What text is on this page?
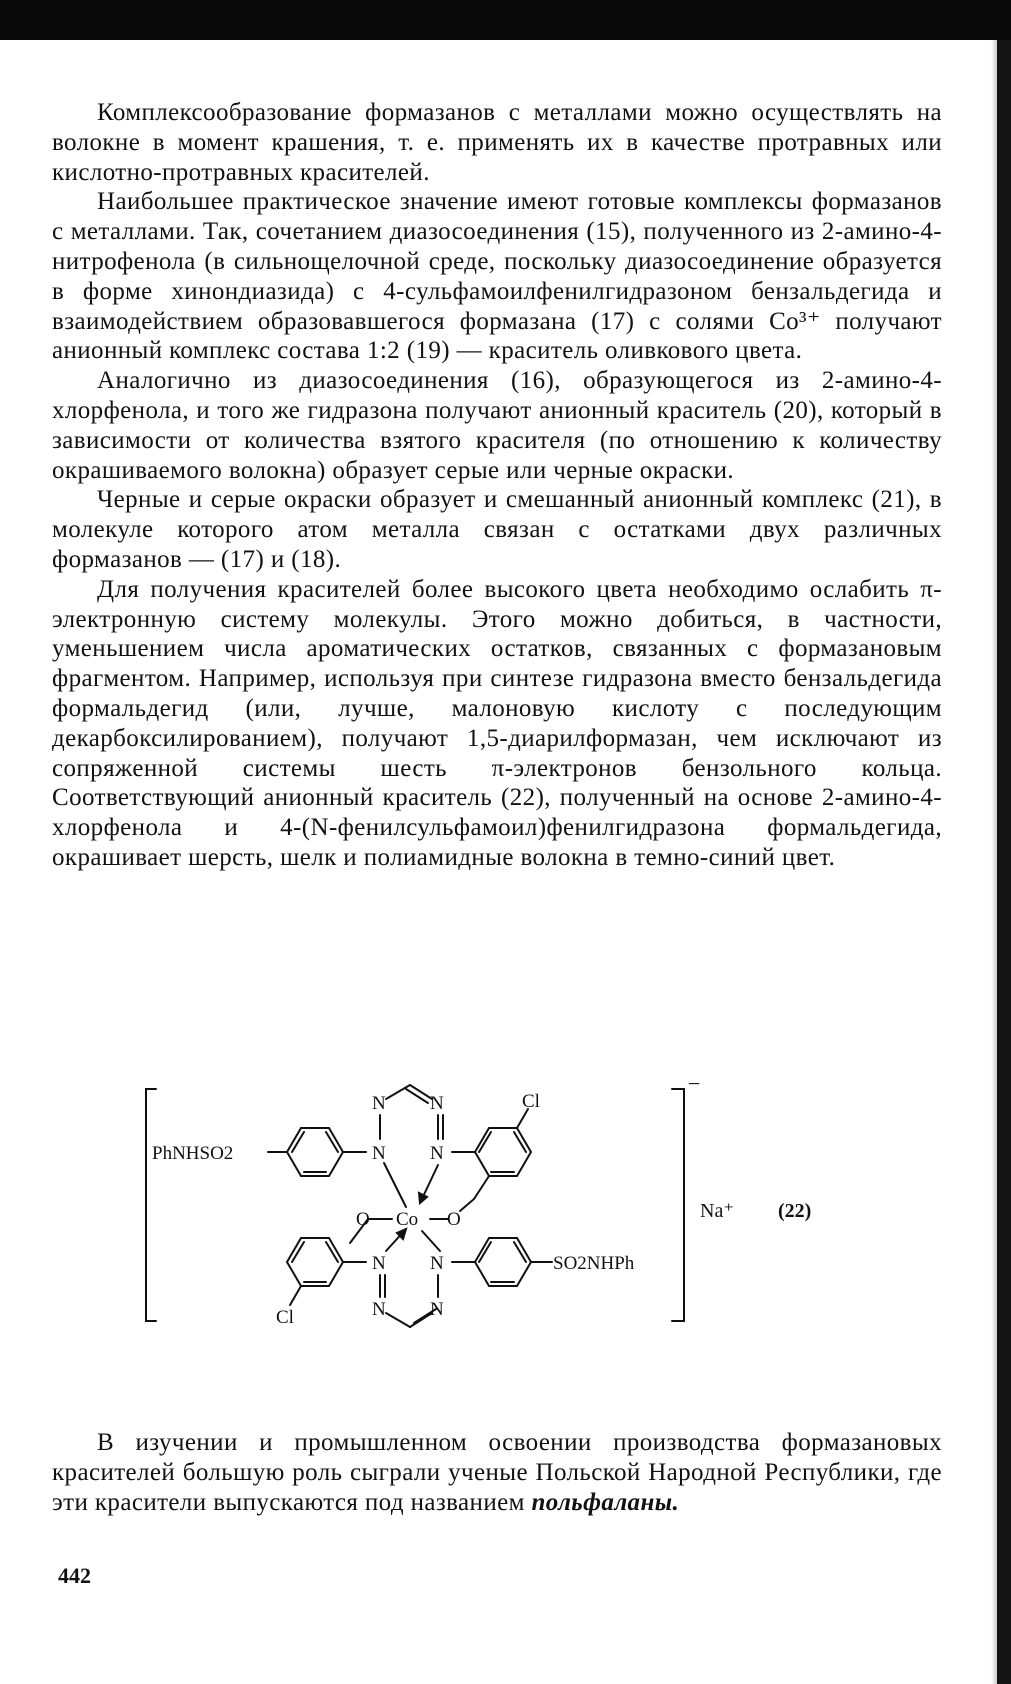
Комплексообразование формазанов с металлами можно осуществлять на волокне в момент крашения, т. е. применять их в качестве протравных или кислотно-протравных красителей.

Наибольшее практическое значение имеют готовые комплексы формазанов с металлами. Так, сочетанием диазосоединения (15), полученного из 2-амино-4-нитрофенола (в сильнощелочной среде, поскольку диазосоединение образуется в форме хинондиазида) с 4-сульфамоилфенилгидразоном бензальдегида и взаимодействием образовавшегося формазана (17) с солями Co³⁺ получают анионный комплекс состава 1:2 (19) — краситель оливкового цвета.

Аналогично из диазосоединения (16), образующегося из 2-амино-4-хлорфенола, и того же гидразона получают анионный краситель (20), который в зависимости от количества взятого красителя (по отношению к количеству окрашиваемого волокна) образует серые или черные окраски.

Черные и серые окраски образует и смешанный анионный комплекс (21), в молекуле которого атом металла связан с остатками двух различных формазанов — (17) и (18).

Для получения красителей более высокого цвета необходимо ослабить π-электронную систему молекулы. Этого можно добиться, в частности, уменьшением числа ароматических остатков, связанных с формазановым фрагментом. Например, используя при синтезе гидразона вместо бензальдегида формальдегид (или, лучше, малоновую кислоту с последующим декарбоксилированием), получают 1,5-диарилформазан, чем исключают из сопряженной системы шесть π-электронов бензольного кольца. Соответствующий анионный краситель (22), полученный на основе 2-амино-4-хлорфенола и 4-(N-фенилсульфамоил)фенилгидразона формальдегида, окрашивает шерсть, шелк и полиамидные волокна в темно-синий цвет.

PhNHSO2
SO2NHPh
Cl
Cl
Co
O	O
N N
N N
N N
N N
−
Na⁺ (22)

В изучении и промышленном освоении производства формазановых красителей большую роль сыграли ученые Польской Народной Республики, где эти красители выпускаются под названием польфаланы.

442
